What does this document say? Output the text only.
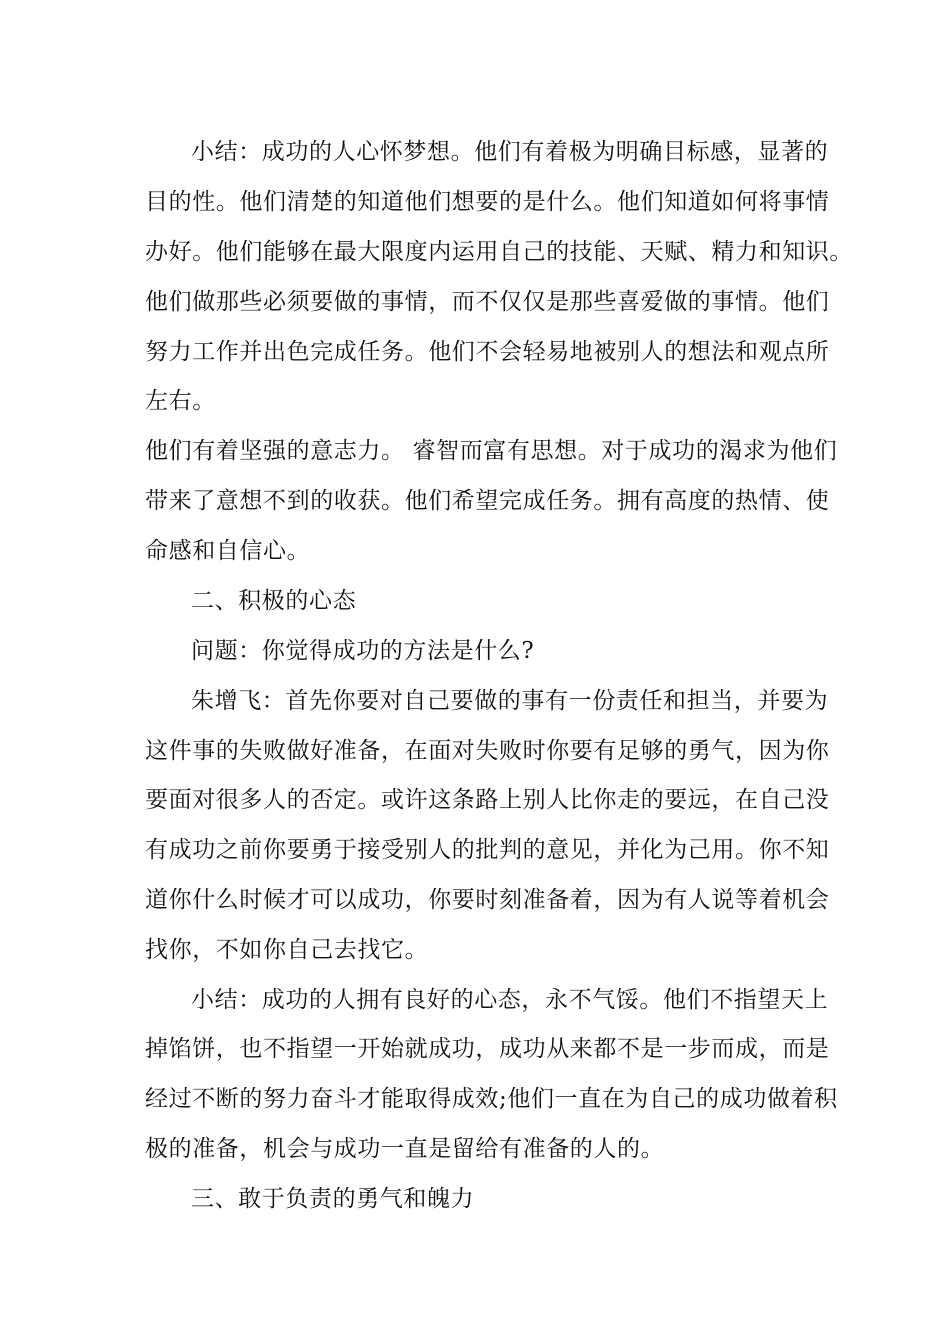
小结：成功的人心怀梦想。他们有着极为明确目标感，显著的
目的性。他们清楚的知道他们想要的是什么。他们知道如何将事情
办好。他们能够在最大限度内运用自己的技能、天赋、精力和知识。
他们做那些必须要做的事情，而不仅仅是那些喜爱做的事情。他们
努力工作并出色完成任务。他们不会轻易地被别人的想法和观点所
左右。
他们有着坚强的意志力。 睿智而富有思想。对于成功的渴求为他们
带来了意想不到的收获。他们希望完成任务。拥有高度的热情、使
命感和自信心。
二、积极的心态
问题：你觉得成功的方法是什么?
朱增飞：首先你要对自己要做的事有一份责任和担当，并要为
这件事的失败做好准备，在面对失败时你要有足够的勇气，因为你
要面对很多人的否定。或许这条路上别人比你走的要远，在自己没
有成功之前你要勇于接受别人的批判的意见，并化为己用。你不知
道你什么时候才可以成功，你要时刻准备着，因为有人说等着机会
找你，不如你自己去找它。
小结：成功的人拥有良好的心态，永不气馁。他们不指望天上
掉馅饼，也不指望一开始就成功，成功从来都不是一步而成，而是
经过不断的努力奋斗才能取得成效;他们一直在为自己的成功做着积
极的准备，机会与成功一直是留给有准备的人的。
三、敢于负责的勇气和魄力
